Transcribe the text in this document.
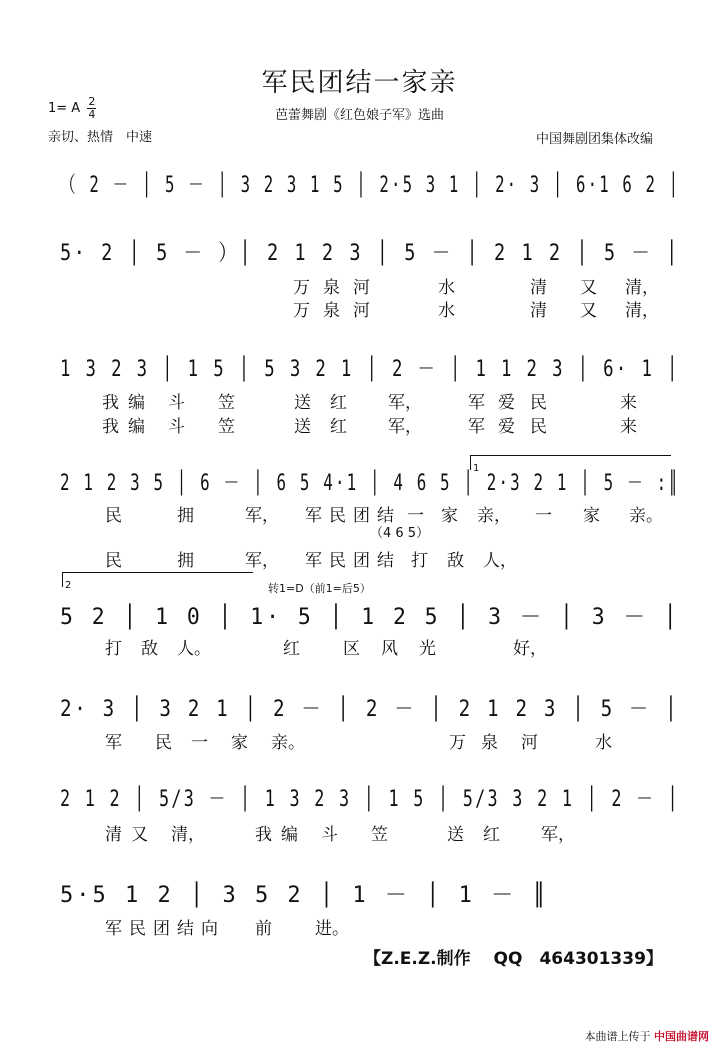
军民团结一家亲
芭蕾舞剧《红色娘子军》选曲
1= A $\frac{2}{4}$
亲切、热情　中速	中国舞剧团集体改编
（ 2 － │ 5 － │ 3 2 3 1 5 │ 2·5 3 1 │ 2· 3 │ 6·1 6 2 │
5· 2 │ 5 － ）│ 2 1 2 3 │ 5 － │ 2 1 2 │ 5 － │
1 3 2 3 │ 1 5 │ 5 3 2 1 │ 2 － │ 1 1 2 3 │ 6· 1 │
2 1 2 3 5 │ 6 － │ 6 5 4·1 │ 4 6 5 │ 2·3 2 1 │ 5 － :║
5 2 │ 1 0 │ 1· 5 │ 1 2 5 │ 3 － │ 3 － │
2· 3 │ 3 2 1 │ 2 － │ 2 － │ 2 1 2 3 │ 5 － │
2 1 2 │ 5/3 － │ 1 3 2 3 │ 1 5 │ 5/3 3 2 1 │ 2 － │
5·5 1 2 │ 3 5 2 │ 1 － │ 1 － ║
万 泉 河	水	清 又 清，
万 泉 河	水	清 又 清，
我 编 斗 笠	送 红 军，	军 爱 民	来
我 编 斗 笠	送 红 军，	军 爱 民	来
民	拥	军， 军 民 团 结 一 家 亲， 一 家 亲。
民	拥	军， 军 民 团 结 打 敌 人，
打 敌 人。	红	区 风 光	好，
军 民 一 家 亲。	万 泉 河	水
清 又 清，	我 编 斗 笠	送 红 军，
军 民 团 结 向 前	进。
（4 6 5）
转1=D（前1=后5）
1
2
【Z.E.Z.制作　 QQ　464301339】
本曲谱上传于 中国曲谱网
